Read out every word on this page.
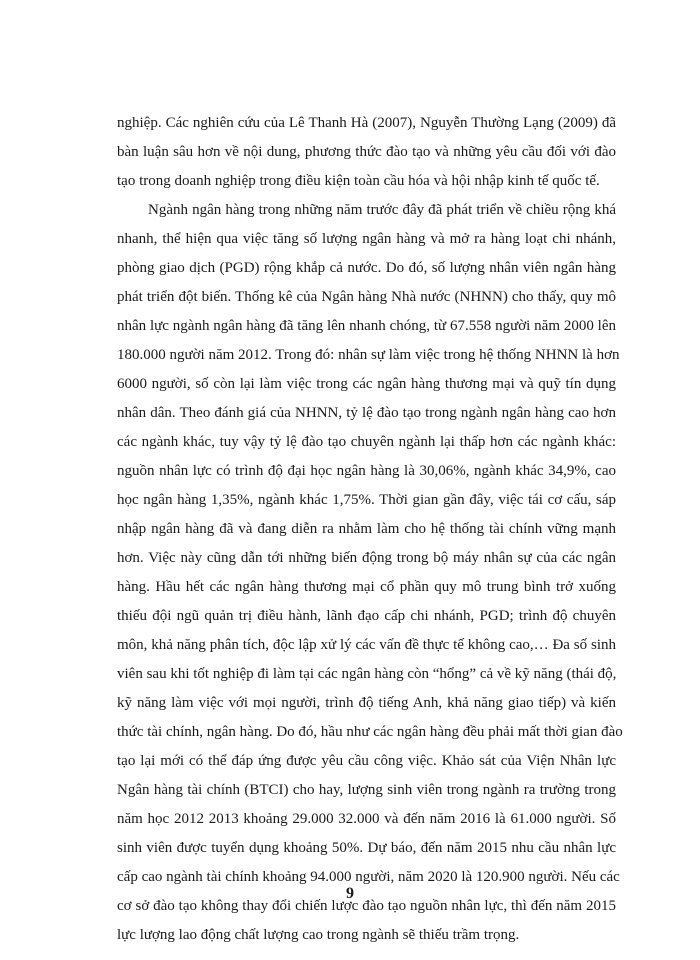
nghiệp. Các nghiên cứu của Lê Thanh Hà (2007), Nguyễn Thường Lạng (2009) đã
bàn luận sâu hơn về nội dung, phương thức đào tạo và những yêu cầu đối với đào
tạo trong doanh nghiệp trong điều kiện toàn cầu hóa và hội nhập kinh tế quốc tế.
Ngành ngân hàng trong những năm trước đây đã phát triển về chiều rộng khá
nhanh, thể hiện qua việc tăng số lượng ngân hàng và mở ra hàng loạt chi nhánh,
phòng giao dịch (PGD) rộng khắp cả nước. Do đó, số lượng nhân viên ngân hàng
phát triển đột biến. Thống kê của Ngân hàng Nhà nước (NHNN) cho thấy, quy mô
nhân lực ngành ngân hàng đã tăng lên nhanh chóng, từ 67.558 người năm 2000 lên
180.000 người năm 2012. Trong đó: nhân sự làm việc trong hệ thống NHNN là hơn
6000 người, số còn lại làm việc trong các ngân hàng thương mại và quỹ tín dụng
nhân dân. Theo đánh giá của NHNN, tỷ lệ đào tạo trong ngành ngân hàng cao hơn
các ngành khác, tuy vậy tỷ lệ đào tạo chuyên ngành lại thấp hơn các ngành khác:
nguồn nhân lực có trình độ đại học ngân hàng là 30,06%, ngành khác 34,9%, cao
học ngân hàng 1,35%, ngành khác 1,75%. Thời gian gần đây, việc tái cơ cấu, sáp
nhập ngân hàng đã và đang diễn ra nhằm làm cho hệ thống tài chính vững mạnh
hơn. Việc này cũng dẫn tới những biến động trong bộ máy nhân sự của các ngân
hàng. Hầu hết các ngân hàng thương mại cổ phần quy mô trung bình trở xuống
thiếu đội ngũ quản trị điều hành, lãnh đạo cấp chi nhánh, PGD; trình độ chuyên
môn, khả năng phân tích, độc lập xử lý các vấn đề thực tế không cao,… Đa số sinh
viên sau khi tốt nghiệp đi làm tại các ngân hàng còn “hổng” cả về kỹ năng (thái độ,
kỹ năng làm việc với mọi người, trình độ tiếng Anh, khả năng giao tiếp) và kiến
thức tài chính, ngân hàng. Do đó, hầu như các ngân hàng đều phải mất thời gian đào
tạo lại mới có thể đáp ứng được yêu cầu công việc. Khảo sát của Viện Nhân lực
Ngân hàng tài chính (BTCI) cho hay, lượng sinh viên trong ngành ra trường trong
năm học 2012 2013 khoảng 29.000 32.000 và đến năm 2016 là 61.000 người. Số
sinh viên được tuyển dụng khoảng 50%. Dự báo, đến năm 2015 nhu cầu nhân lực
cấp cao ngành tài chính khoảng 94.000 người, năm 2020 là 120.900 người. Nếu các
cơ sở đào tạo không thay đổi chiến lược đào tạo nguồn nhân lực, thì đến năm 2015
lực lượng lao động chất lượng cao trong ngành sẽ thiếu trầm trọng.
9
